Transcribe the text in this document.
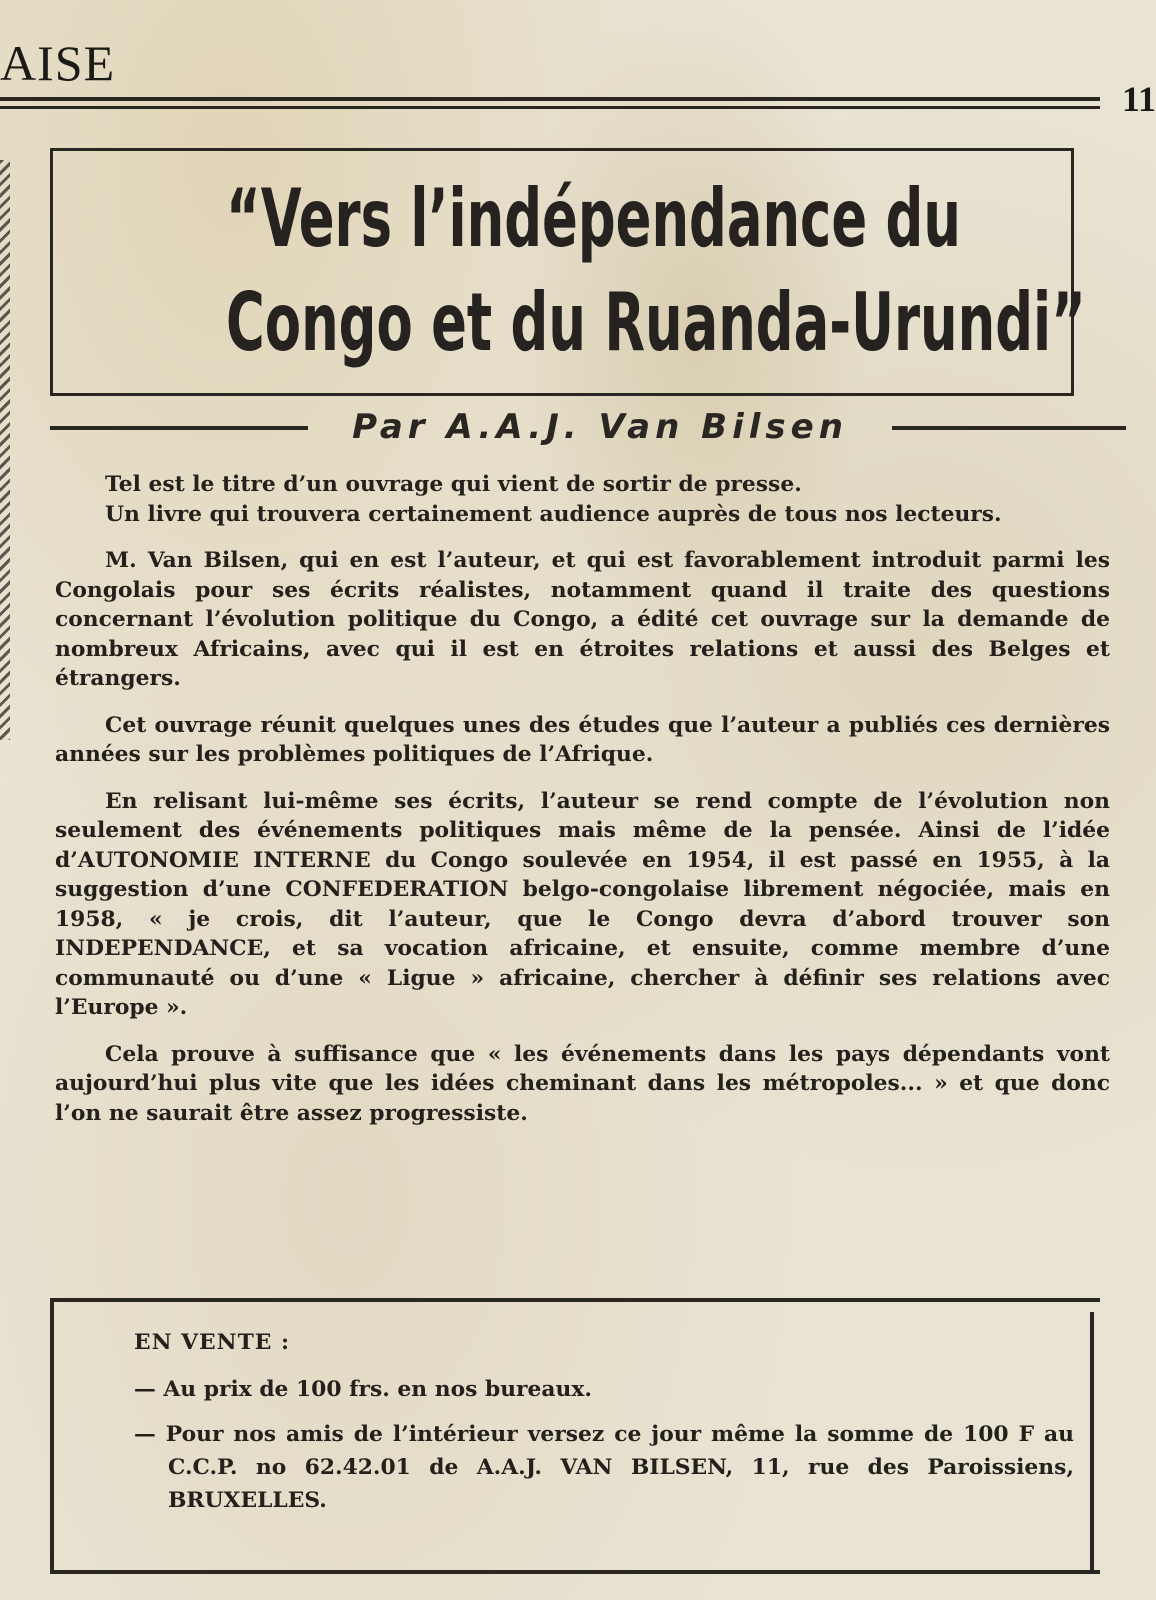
AISE
11
“Vers l’indépendance du
Congo et du Ruanda-Urundi”
Par A.A.J. Van Bilsen

Tel est le titre d’un ouvrage qui vient de sortir de presse.

Un livre qui trouvera certainement audience auprès de tous nos lecteurs.

M. Van Bilsen, qui en est l’auteur, et qui est favorablement introduit parmi les Congolais pour ses écrits réalistes, notamment quand il traite des questions concernant l’évolution politique du Congo, a édité cet ouvrage sur la demande de nombreux Africains, avec qui il est en étroites relations et aussi des Belges et étrangers.

Cet ouvrage réunit quelques unes des études que l’auteur a publiés ces dernières années sur les problèmes politiques de l’Afrique.

En relisant lui-même ses écrits, l’auteur se rend compte de l’évolution non seulement des événements politiques mais même de la pensée. Ainsi de l’idée d’AUTONOMIE INTERNE du Congo soulevée en 1954, il est passé en 1955, à la suggestion d’une CONFEDERATION belgo-congolaise librement négociée, mais en 1958, « je crois, dit l’auteur, que le Congo devra d’abord trouver son INDEPENDANCE, et sa vocation africaine, et ensuite, comme membre d’une communauté ou d’une « Ligue » africaine, chercher à définir ses relations avec l’Europe ».

Cela prouve à suffisance que « les événements dans les pays dépendants vont aujourd’hui plus vite que les idées cheminant dans les métropoles... » et que donc l’on ne saurait être assez progressiste.

EN VENTE :

— Au prix de 100 frs. en nos bureaux.

— Pour nos amis de l’intérieur versez ce jour même la somme de 100 F au C.C.P. no 62.42.01 de A.A.J. VAN BILSEN, 11, rue des Paroissiens, BRUXELLES.
